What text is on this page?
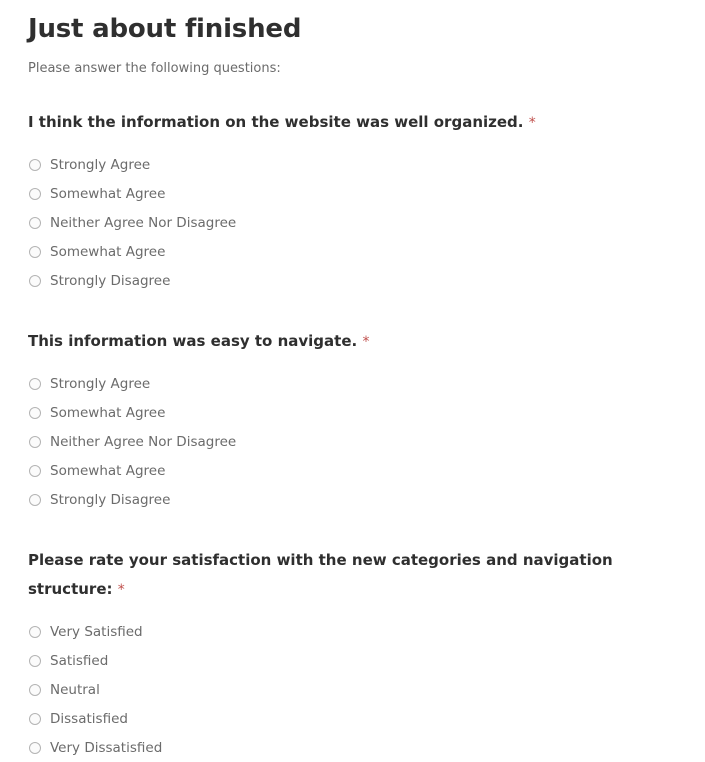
Just about finished

Please answer the following questions:

I think the information on the website was well organized. *
Strongly Agree
Somewhat Agree
Neither Agree Nor Disagree
Somewhat Agree
Strongly Disagree
This information was easy to navigate. *
Strongly Agree
Somewhat Agree
Neither Agree Nor Disagree
Somewhat Agree
Strongly Disagree
Please rate your satisfaction with the new categories and navigation structure: *
Very Satisfied
Satisfied
Neutral
Dissatisfied
Very Dissatisfied
